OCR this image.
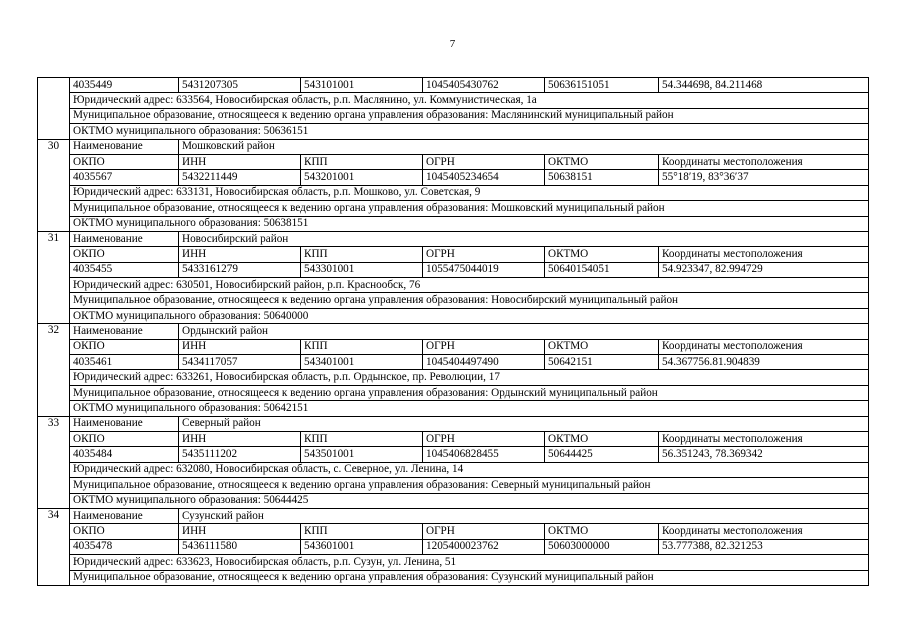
7
	4035449	5431207305	543101001	1045405430762	50636151051	54.344698, 84.211468
	Юридический адрес: 633564, Новосибирская область, р.п. Маслянино, ул. Коммунистическая, 1а					
	Муниципальное образование, относящееся к ведению органа управления образования: Маслянинский муниципальный район					
	ОКТМО муниципального образования: 50636151					
30	Наименование	Мошковский район				
	ОКПО	ИНН	КПП	ОГРН	ОКТМО	Координаты местоположения
	4035567	5432211449	543201001	1045405234654	50638151	55°18′19, 83°36′37
	Юридический адрес: 633131, Новосибирская область, р.п. Мошково, ул. Советская, 9					
	Муниципальное образование, относящееся к ведению органа управления образования: Мошковский муниципальный район					
	ОКТМО муниципального образования: 50638151					
31	Наименование	Новосибирский район				
	ОКПО	ИНН	КПП	ОГРН	ОКТМО	Координаты местоположения
	4035455	5433161279	543301001	1055475044019	50640154051	54.923347, 82.994729
	Юридический адрес: 630501, Новосибирский район, р.п. Краснообск, 76					
	Муниципальное образование, относящееся к ведению органа управления образования: Новосибирский муниципальный район					
	ОКТМО муниципального образования: 50640000					
32	Наименование	Ордынский район				
	ОКПО	ИНН	КПП	ОГРН	ОКТМО	Координаты местоположения
	4035461	5434117057	543401001	1045404497490	50642151	54.367756.81.904839
	Юридический адрес: 633261, Новосибирская область, р.п. Ордынское, пр. Революции, 17					
	Муниципальное образование, относящееся к ведению органа управления образования: Ордынский муниципальный район					
	ОКТМО муниципального образования: 50642151					
33	Наименование	Северный район				
	ОКПО	ИНН	КПП	ОГРН	ОКТМО	Координаты местоположения
	4035484	5435111202	543501001	1045406828455	50644425	56.351243, 78.369342
	Юридический адрес: 632080, Новосибирская область, с. Северное, ул. Ленина, 14					
	Муниципальное образование, относящееся к ведению органа управления образования: Северный муниципальный район					
	ОКТМО муниципального образования: 50644425					
34	Наименование	Сузунский район				
	ОКПО	ИНН	КПП	ОГРН	ОКТМО	Координаты местоположения
	4035478	5436111580	543601001	1205400023762	50603000000	53.777388, 82.321253
	Юридический адрес: 633623, Новосибирская область, р.п. Сузун, ул. Ленина, 51					
	Муниципальное образование, относящееся к ведению органа управления образования: Сузунский муниципальный район					
